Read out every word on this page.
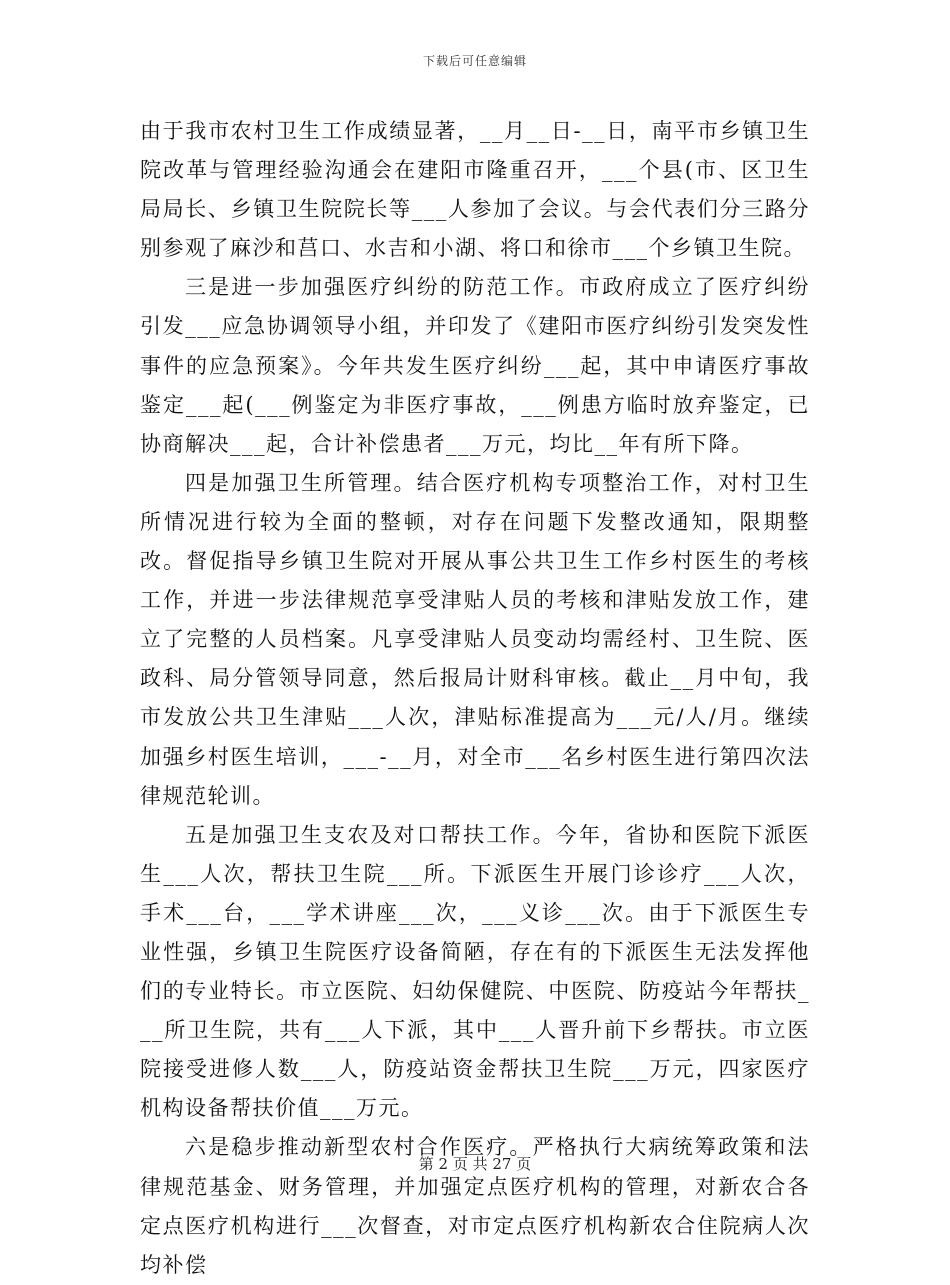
下载后可任意编辑

由于我市农村卫生工作成绩显著，__月__日-__日，南平市乡镇卫生院改革与管理经验沟通会在建阳市隆重召开，___个县(市、区卫生局局长、乡镇卫生院院长等___人参加了会议。与会代表们分三路分别参观了麻沙和莒口、水吉和小湖、将口和徐市___个乡镇卫生院。

三是进一步加强医疗纠纷的防范工作。市政府成立了医疗纠纷引发___应急协调领导小组，并印发了《建阳市医疗纠纷引发突发性事件的应急预案》。今年共发生医疗纠纷___起，其中申请医疗事故鉴定___起(___例鉴定为非医疗事故，___例患方临时放弃鉴定，已协商解决___起，合计补偿患者___万元，均比__年有所下降。

四是加强卫生所管理。结合医疗机构专项整治工作，对村卫生所情况进行较为全面的整顿，对存在问题下发整改通知，限期整改。督促指导乡镇卫生院对开展从事公共卫生工作乡村医生的考核工作，并进一步法律规范享受津贴人员的考核和津贴发放工作，建立了完整的人员档案。凡享受津贴人员变动均需经村、卫生院、医政科、局分管领导同意，然后报局计财科审核。截止__月中旬，我市发放公共卫生津贴___人次，津贴标准提高为___元/人/月。继续加强乡村医生培训，___-__月，对全市___名乡村医生进行第四次法律规范轮训。

五是加强卫生支农及对口帮扶工作。今年，省协和医院下派医生___人次，帮扶卫生院___所。下派医生开展门诊诊疗___人次，手术___台，___学术讲座___次，___义诊___次。由于下派医生专业性强，乡镇卫生院医疗设备简陋，存在有的下派医生无法发挥他们的专业特长。市立医院、妇幼保健院、中医院、防疫站今年帮扶___所卫生院，共有___人下派，其中___人晋升前下乡帮扶。市立医院接受进修人数___人，防疫站资金帮扶卫生院___万元，四家医疗机构设备帮扶价值___万元。

六是稳步推动新型农村合作医疗。严格执行大病统筹政策和法律规范基金、财务管理，并加强定点医疗机构的管理，对新农合各定点医疗机构进行___次督查，对市定点医疗机构新农合住院病人次均补偿

第 2 页 共 27 页
